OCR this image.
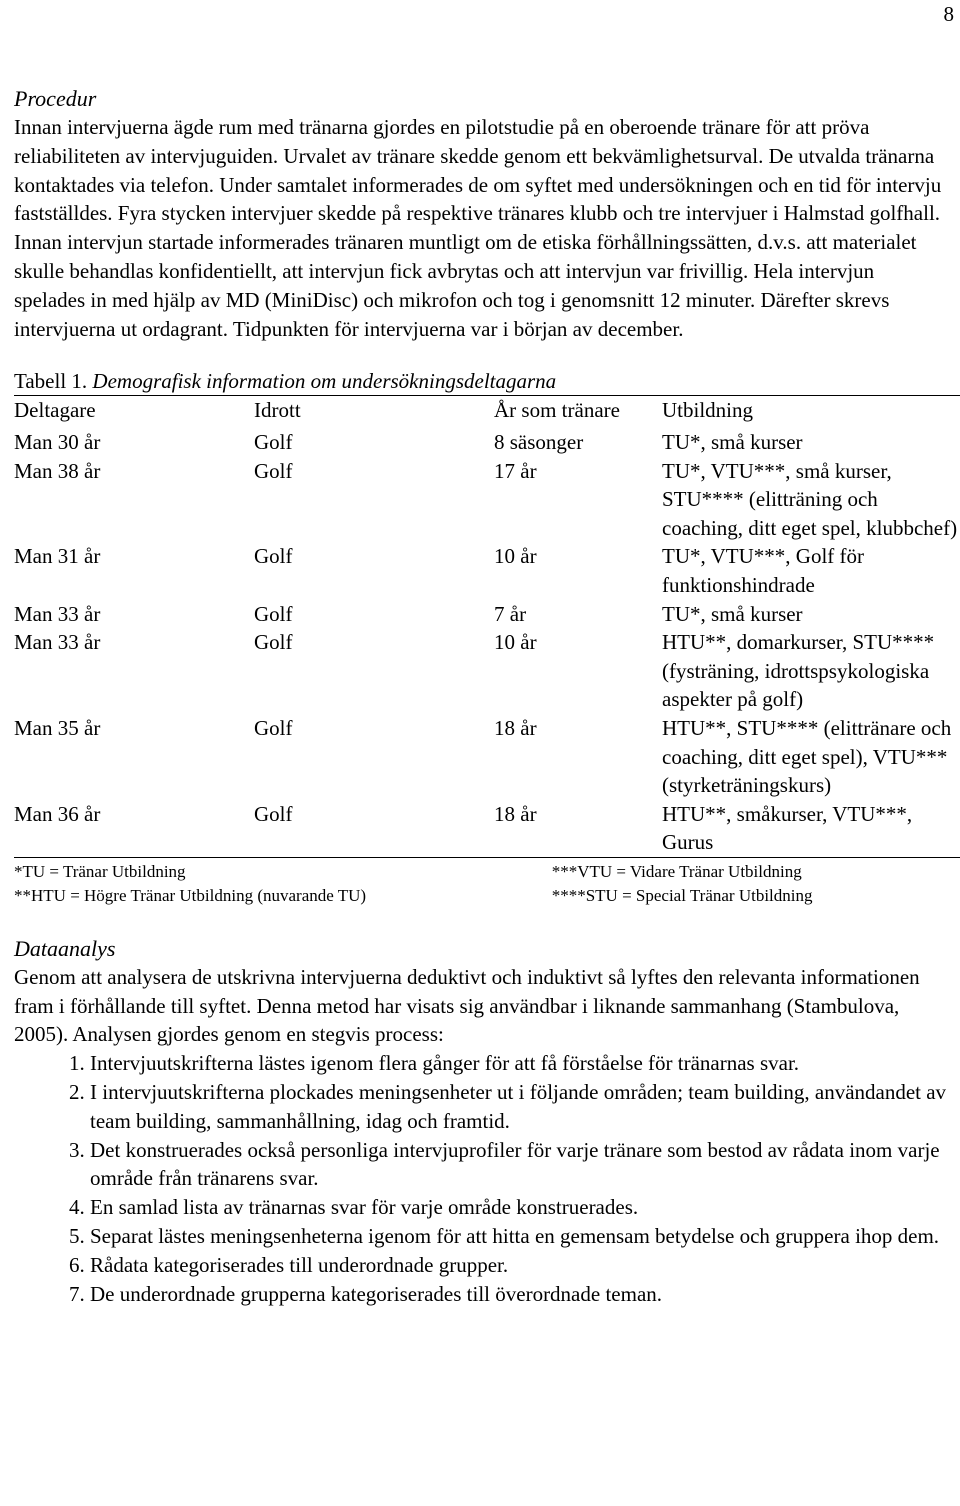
8
Procedur
Innan intervjuerna ägde rum med tränarna gjordes en pilotstudie på en oberoende tränare för att pröva reliabiliteten av intervjuguiden. Urvalet av tränare skedde genom ett bekvämlighetsurval. De utvalda tränarna kontaktades via telefon. Under samtalet informerades de om syftet med undersökningen och en tid för intervju fastställdes. Fyra stycken intervjuer skedde på respektive tränares klubb och tre intervjuer i Halmstad golfhall. Innan intervjun startade informerades tränaren muntligt om de etiska förhållningssätten, d.v.s. att materialet skulle behandlas konfidentiellt, att intervjun fick avbrytas och att intervjun var frivillig. Hela intervjun spelades in med hjälp av MD (MiniDisc) och mikrofon och tog i genomsnitt 12 minuter. Därefter skrevs intervjuerna ut ordagrant. Tidpunkten för intervjuerna var i början av december.
Tabell 1. Demografisk information om undersökningsdeltagarna
Deltagare	Idrott	År som tränare	Utbildning
Man 30 år	Golf	8 säsonger	TU*, små kurser
Man 38 år	Golf	17 år	TU*, VTU***, små kurser, STU**** (elitträning och coaching, ditt eget spel, klubbchef)
Man 31 år	Golf	10 år	TU*, VTU***, Golf för funktionshindrade
Man 33 år	Golf	7 år	TU*, små kurser
Man 33 år	Golf	10 år	HTU**, domarkurser, STU**** (fysträning, idrottspsykologiska aspekter på golf)
Man 35 år	Golf	18 år	HTU**, STU**** (elittränare och coaching, ditt eget spel), VTU*** (styrketräningskurs)
Man 36 år	Golf	18 år	HTU**, småkurser, VTU***, Gurus
*TU = Tränar Utbildning
**HTU = Högre Tränar Utbildning (nuvarande TU)
***VTU = Vidare Tränar Utbildning
****STU = Special Tränar Utbildning
Dataanalys
Genom att analysera de utskrivna intervjuerna deduktivt och induktivt så lyftes den relevanta informationen fram i förhållande till syftet. Denna metod har visats sig användbar i liknande sammanhang (Stambulova, 2005). Analysen gjordes genom en stegvis process:
1. Intervjuutskrifterna lästes igenom flera gånger för att få förståelse för tränarnas svar.
2. I intervjuutskrifterna plockades meningsenheter ut i följande områden; team building, användandet av team building, sammanhållning, idag och framtid.
3. Det konstruerades också personliga intervjuprofiler för varje tränare som bestod av rådata inom varje område från tränarens svar.
4. En samlad lista av tränarnas svar för varje område konstruerades.
5. Separat lästes meningsenheterna igenom för att hitta en gemensam betydelse och gruppera ihop dem.
6. Rådata kategoriserades till underordnade grupper.
7. De underordnade grupperna kategoriserades till överordnade teman.
